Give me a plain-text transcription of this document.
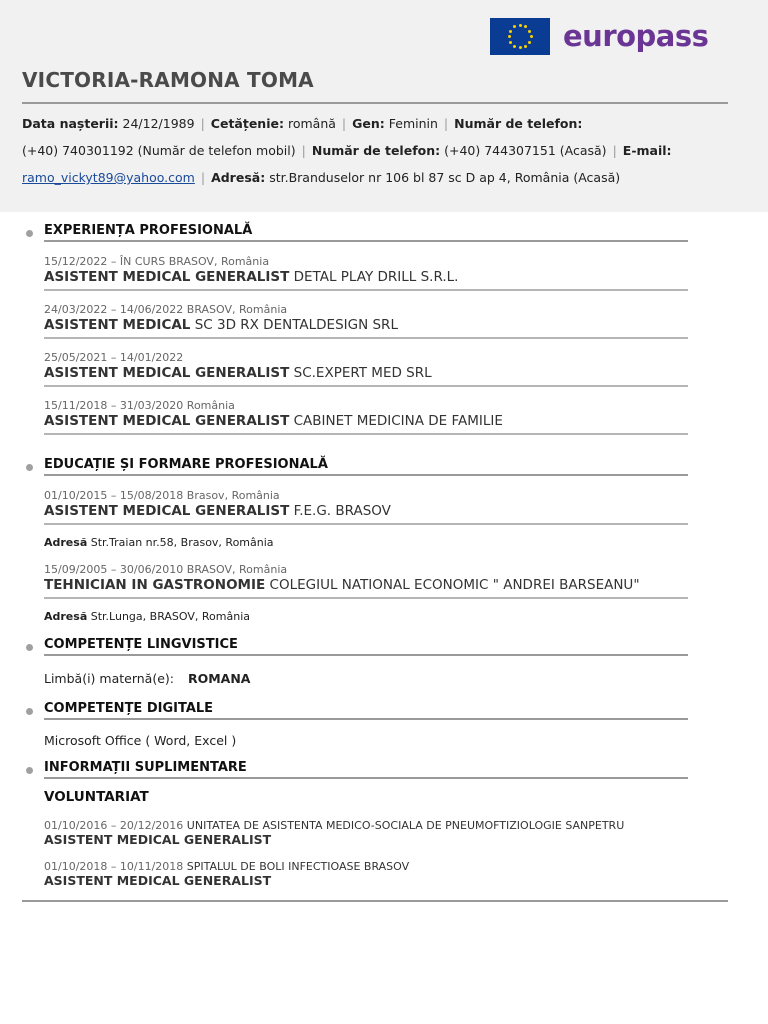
europass
VICTORIA-RAMONA TOMA
Data nașterii: 24/12/1989 | Cetățenie: română | Gen: Feminin | Număr de telefon:
(+40) 740301192 (Număr de telefon mobil) | Număr de telefon: (+40) 744307151 (Acasă) | E-mail:
ramo_vickyt89@yahoo.com | Adresă: str.Branduselor nr 106 bl 87 sc D ap 4, România (Acasă)
EXPERIENȚA PROFESIONALĂ
15/12/2022 – ÎN CURS BRASOV, România
ASISTENT MEDICAL GENERALIST DETAL PLAY DRILL S.R.L.
24/03/2022 – 14/06/2022 BRASOV, România
ASISTENT MEDICAL SC 3D RX DENTALDESIGN SRL
25/05/2021 – 14/01/2022
ASISTENT MEDICAL GENERALIST SC.EXPERT MED SRL
15/11/2018 – 31/03/2020 România
ASISTENT MEDICAL GENERALIST CABINET MEDICINA DE FAMILIE
EDUCAȚIE ȘI FORMARE PROFESIONALĂ
01/10/2015 – 15/08/2018 Brasov, România
ASISTENT MEDICAL GENERALIST F.E.G. BRASOV
Adresă Str.Traian nr.58, Brasov, România
15/09/2005 – 30/06/2010 BRASOV, România
TEHNICIAN IN GASTRONOMIE COLEGIUL NATIONAL ECONOMIC " ANDREI BARSEANU"
Adresă Str.Lunga, BRASOV, România
COMPETENȚE LINGVISTICE
Limbă(i) maternă(e): ROMANA
COMPETENȚE DIGITALE
Microsoft Office ( Word, Excel )
INFORMAȚII SUPLIMENTARE
VOLUNTARIAT
01/10/2016 – 20/12/2016 UNITATEA DE ASISTENTA MEDICO-SOCIALA DE PNEUMOFTIZIOLOGIE SANPETRU
ASISTENT MEDICAL GENERALIST
01/10/2018 – 10/11/2018 SPITALUL DE BOLI INFECTIOASE BRASOV
ASISTENT MEDICAL GENERALIST
